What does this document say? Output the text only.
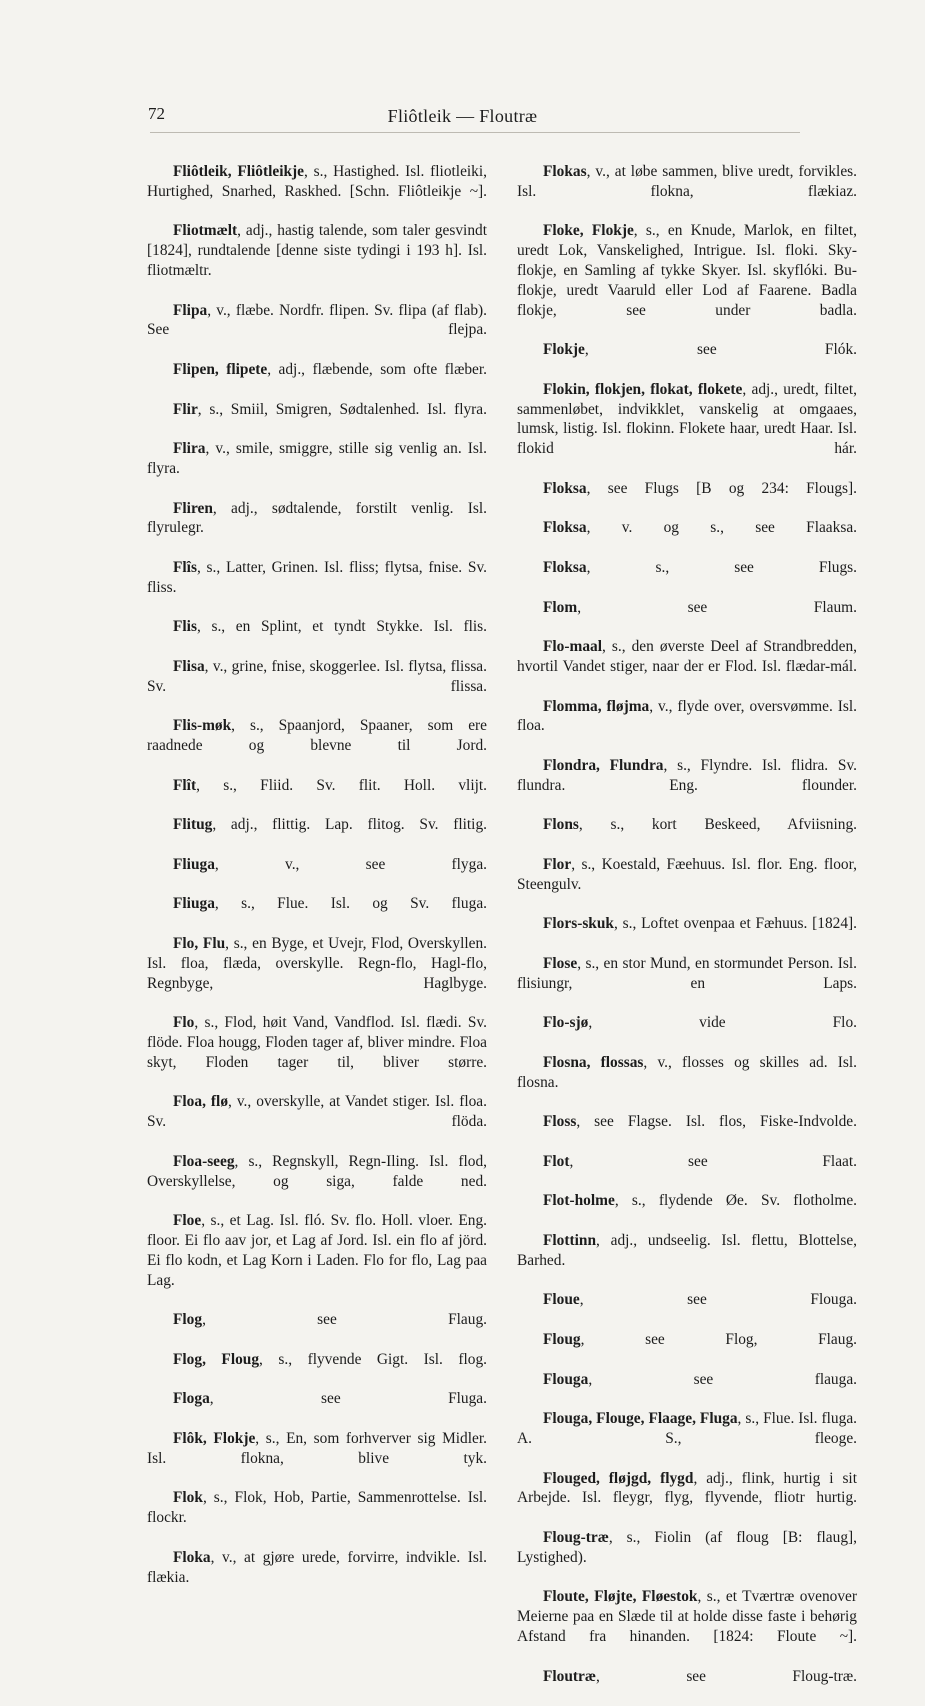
72	Fliôtleik — Floutræ

Fliôtleik, Fliôtleikje, s., Hastighed. Isl. fliotleiki, Hurtighed, Snarhed, Raskhed. [Schn. Fliôtleikje ~].

Fliotmælt, adj., hastig talende, som taler gesvindt [1824], rundtalende [denne siste tydingi i 193 h]. Isl. fliotmæltr.

Flipa, v., flæbe. Nordfr. flipen. Sv. flipa (af flab). See flejpa.

Flipen, flipete, adj., flæbende, som ofte flæber.

Flir, s., Smiil, Smigren, Sødtalenhed. Isl. flyra.

Flira, v., smile, smiggre, stille sig venlig an. Isl. flyra.

Fliren, adj., sødtalende, forstilt venlig. Isl. flyrulegr.

Flîs, s., Latter, Grinen. Isl. fliss; flytsa, fnise. Sv. fliss.

Flis, s., en Splint, et tyndt Stykke. Isl. flis.

Flisa, v., grine, fnise, skoggerlee. Isl. flytsa, flissa. Sv. flissa.

Flis-møk, s., Spaanjord, Spaaner, som ere raadnede og blevne til Jord.

Flît, s., Fliid. Sv. flit. Holl. vlijt.

Flitug, adj., flittig. Lap. flitog. Sv. flitig.

Fliuga, v., see flyga.

Fliuga, s., Flue. Isl. og Sv. fluga.

Flo, Flu, s., en Byge, et Uvejr, Flod, Overskyllen. Isl. floa, flæda, overskylle. Regn-flo, Hagl-flo, Regnbyge, Haglbyge.

Flo, s., Flod, høit Vand, Vandflod. Isl. flædi. Sv. flöde. Floa hougg, Floden tager af, bliver mindre. Floa skyt, Floden tager til, bliver større.

Floa, flø, v., overskylle, at Vandet stiger. Isl. floa. Sv. flöda.

Floa-seeg, s., Regnskyll, Regn-Iling. Isl. flod, Overskyllelse, og siga, falde ned.

Floe, s., et Lag. Isl. fló. Sv. flo. Holl. vloer. Eng. floor. Ei flo aav jor, et Lag af Jord. Isl. ein flo af jörd. Ei flo kodn, et Lag Korn i Laden. Flo for flo, Lag paa Lag.

Flog, see Flaug.

Flog, Floug, s., flyvende Gigt. Isl. flog.

Floga, see Fluga.

Flôk, Flokje, s., En, som forhverver sig Midler. Isl. flokna, blive tyk.

Flok, s., Flok, Hob, Partie, Sammenrottelse. Isl. flockr.

Floka, v., at gjøre urede, forvirre, indvikle. Isl. flækia.

Flokas, v., at løbe sammen, blive uredt, forvikles. Isl. flokna, flækiaz.

Floke, Flokje, s., en Knude, Marlok, en filtet, uredt Lok, Vanskelighed, Intrigue. Isl. floki. Sky-flokje, en Samling af tykke Skyer. Isl. skyflóki. Bu-flokje, uredt Vaaruld eller Lod af Faarene. Badla flokje, see under badla.

Flokje, see Flók.

Flokin, flokjen, flokat, flokete, adj., uredt, filtet, sammenløbet, indvikklet, vanskelig at omgaaes, lumsk, listig. Isl. flokinn. Flokete haar, uredt Haar. Isl. flokid hár.

Floksa, see Flugs [B og 234: Flougs].

Floksa, v. og s., see Flaaksa.

Floksa, s., see Flugs.

Flom, see Flaum.

Flo-maal, s., den øverste Deel af Strandbredden, hvortil Vandet stiger, naar der er Flod. Isl. flædar-mál.

Flomma, fløjma, v., flyde over, oversvømme. Isl. floa.

Flondra, Flundra, s., Flyndre. Isl. flidra. Sv. flundra. Eng. flounder.

Flons, s., kort Beskeed, Afviisning.

Flor, s., Koestald, Fæehuus. Isl. flor. Eng. floor, Steengulv.

Flors-skuk, s., Loftet ovenpaa et Fæhuus. [1824].

Flose, s., en stor Mund, en stormundet Person. Isl. flisiungr, en Laps.

Flo-sjø, vide Flo.

Flosna, flossas, v., flosses og skilles ad. Isl. flosna.

Floss, see Flagse. Isl. flos, Fiske-Indvolde.

Flot, see Flaat.

Flot-holme, s., flydende Øe. Sv. flotholme.

Flottinn, adj., undseelig. Isl. flettu, Blottelse, Barhed.

Floue, see Flouga.

Floug, see Flog, Flaug.

Flouga, see flauga.

Flouga, Flouge, Flaage, Fluga, s., Flue. Isl. fluga. A. S., fleoge.

Flouged, fløjgd, flygd, adj., flink, hurtig i sit Arbejde. Isl. fleygr, flyg, flyvende, fliotr hurtig.

Floug-træ, s., Fiolin (af floug [B: flaug], Lystighed).

Floute, Fløjte, Fløestok, s., et Tværtræ ovenover Meierne paa en Slæde til at holde disse faste i behørig Afstand fra hinanden. [1824: Floute ~].

Floutræ, see Floug-træ.
